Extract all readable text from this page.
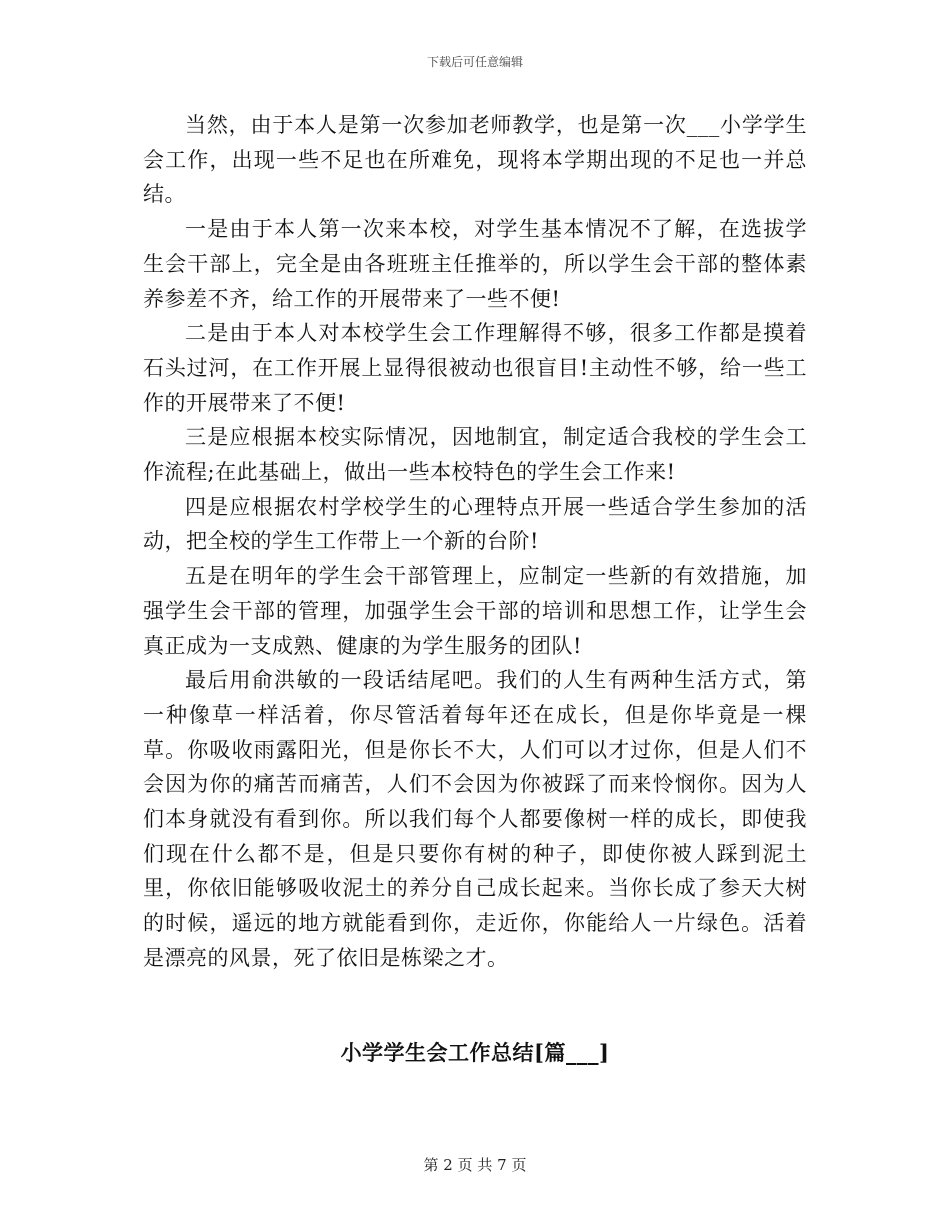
下载后可任意编辑

当然，由于本人是第一次参加老师教学，也是第一次___小学学生会工作，出现一些不足也在所难免，现将本学期出现的不足也一并总结。

一是由于本人第一次来本校，对学生基本情况不了解，在选拔学生会干部上，完全是由各班班主任推举的，所以学生会干部的整体素养参差不齐，给工作的开展带来了一些不便!

二是由于本人对本校学生会工作理解得不够，很多工作都是摸着石头过河，在工作开展上显得很被动也很盲目!主动性不够，给一些工作的开展带来了不便!

三是应根据本校实际情况，因地制宜，制定适合我校的学生会工作流程;在此基础上，做出一些本校特色的学生会工作来!

四是应根据农村学校学生的心理特点开展一些适合学生参加的活动，把全校的学生工作带上一个新的台阶!

五是在明年的学生会干部管理上，应制定一些新的有效措施，加强学生会干部的管理，加强学生会干部的培训和思想工作，让学生会真正成为一支成熟、健康的为学生服务的团队!

最后用俞洪敏的一段话结尾吧。我们的人生有两种生活方式，第一种像草一样活着，你尽管活着每年还在成长，但是你毕竟是一棵草。你吸收雨露阳光，但是你长不大，人们可以才过你，但是人们不会因为你的痛苦而痛苦，人们不会因为你被踩了而来怜悯你。因为人们本身就没有看到你。所以我们每个人都要像树一样的成长，即使我们现在什么都不是，但是只要你有树的种子，即使你被人踩到泥土里，你依旧能够吸收泥土的养分自己成长起来。当你长成了参天大树的时候，遥远的地方就能看到你，走近你，你能给人一片绿色。活着是漂亮的风景，死了依旧是栋梁之才。

小学学生会工作总结[篇___]
第 2 页 共 7 页
